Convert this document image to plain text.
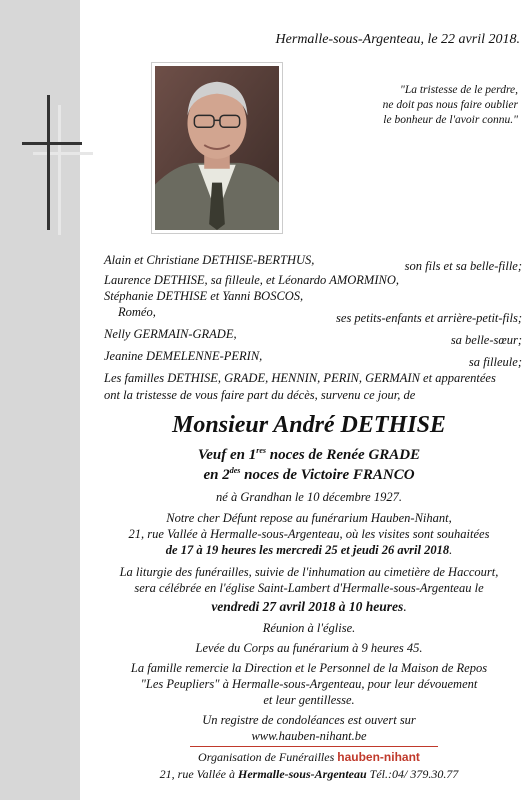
Hermalle-sous-Argenteau, le 22 avril 2018.
"La tristesse de le perdre,
ne doit pas nous faire oublier
le bonheur de l'avoir connu."
Alain et Christiane DETHISE-BERTHUS,	son fils et sa belle-fille;
Laurence DETHISE, sa filleule, et Léonardo AMORMINO,
Stéphanie DETHISE et Yanni BOSCOS,
Roméo,	ses petits-enfants et arrière-petit-fils;
Nelly GERMAIN-GRADE,	sa belle-sœur;
Jeanine DEMELENNE-PERIN,	sa filleule;
Les familles DETHISE, GRADE, HENNIN, PERIN, GERMAIN et apparentées
ont la tristesse de vous faire part du décès, survenu ce jour, de
Monsieur André DETHISE
Veuf en 1res noces de Renée GRADE
en $2^{des}$ noces de Victoire FRANCO
né à Grandhan le 10 décembre 1927.
Notre cher Défunt repose au funérarium Hauben-Nihant,
21, rue Vallée à Hermalle-sous-Argenteau, où les visites sont souhaitées
de 17 à 19 heures les mercredi 25 et jeudi 26 avril 2018.
La liturgie des funérailles, suivie de l'inhumation au cimetière de Haccourt,
sera célébrée en l'église Saint-Lambert d'Hermalle-sous-Argenteau le
vendredi 27 avril 2018 à 10 heures.
Réunion à l'église.
Levée du Corps au funérarium à 9 heures 45.
La famille remercie la Direction et le Personnel de la Maison de Repos
"Les Peupliers" à Hermalle-sous-Argenteau, pour leur dévouement
et leur gentillesse.
Un registre de condoléances est ouvert sur
www.hauben-nihant.be
Organisation de Funérailles hauben-nihant
21, rue Vallée à Hermalle-sous-Argenteau Tél.:04/ 379.30.77
